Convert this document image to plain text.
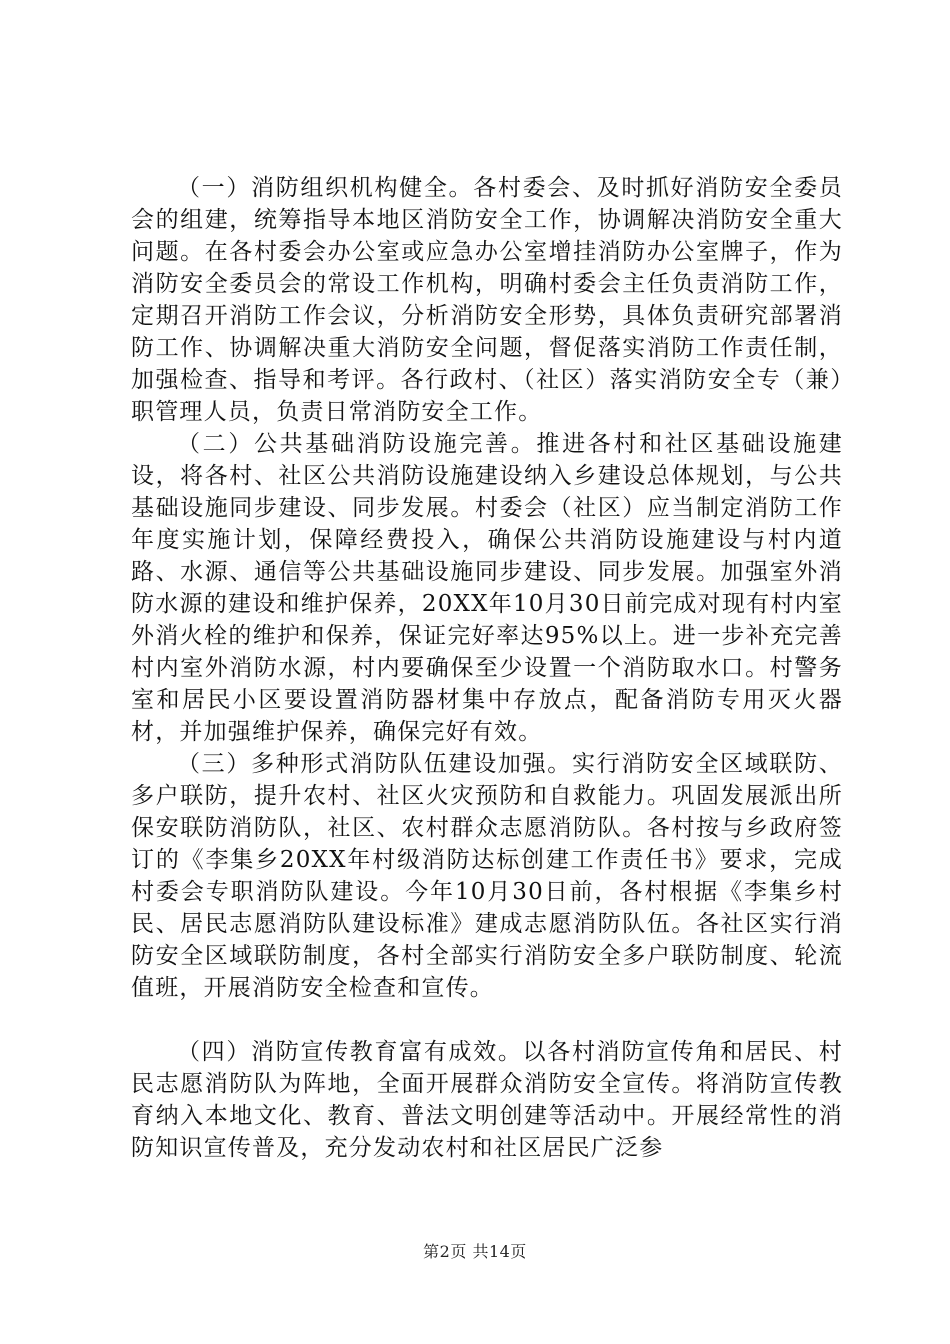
（一）消防组织机构健全。各村委会、及时抓好消防安全委员会的组建，统筹指导本地区消防安全工作，协调解决消防安全重大问题。在各村委会办公室或应急办公室增挂消防办公室牌子，作为消防安全委员会的常设工作机构，明确村委会主任负责消防工作，定期召开消防工作会议，分析消防安全形势，具体负责研究部署消防工作、协调解决重大消防安全问题，督促落实消防工作责任制，加强检查、指导和考评。各行政村、（社区）落实消防安全专（兼）职管理人员，负责日常消防安全工作。

（二）公共基础消防设施完善。推进各村和社区基础设施建设，将各村、社区公共消防设施建设纳入乡建设总体规划，与公共基础设施同步建设、同步发展。村委会（社区）应当制定消防工作年度实施计划，保障经费投入，确保公共消防设施建设与村内道路、水源、通信等公共基础设施同步建设、同步发展。加强室外消防水源的建设和维护保养，20XX年10月30日前完成对现有村内室外消火栓的维护和保养，保证完好率达95%以上。进一步补充完善村内室外消防水源，村内要确保至少设置一个消防取水口。村警务室和居民小区要设置消防器材集中存放点，配备消防专用灭火器材，并加强维护保养，确保完好有效。

（三）多种形式消防队伍建设加强。实行消防安全区域联防、多户联防，提升农村、社区火灾预防和自救能力。巩固发展派出所保安联防消防队，社区、农村群众志愿消防队。各村按与乡政府签订的《李集乡20XX年村级消防达标创建工作责任书》要求，完成村委会专职消防队建设。今年10月30日前，各村根据《李集乡村民、居民志愿消防队建设标准》建成志愿消防队伍。各社区实行消防安全区域联防制度，各村全部实行消防安全多户联防制度、轮流值班，开展消防安全检查和宣传。

（四）消防宣传教育富有成效。以各村消防宣传角和居民、村民志愿消防队为阵地，全面开展群众消防安全宣传。将消防宣传教育纳入本地文化、教育、普法文明创建等活动中。开展经常性的消防知识宣传普及，充分发动农村和社区居民广泛参

第2页 共14页
